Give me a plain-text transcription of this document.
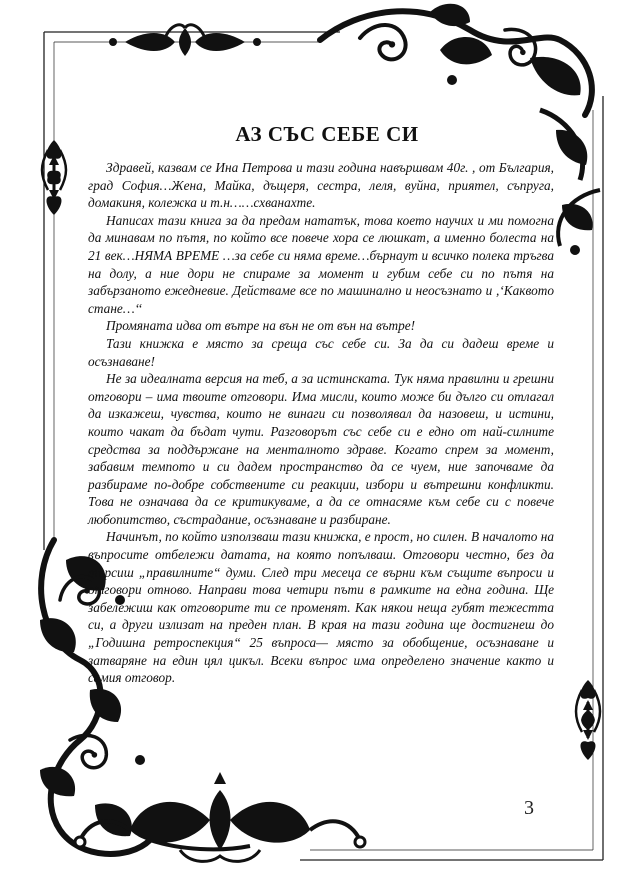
АЗ СЪС СЕБЕ СИ

Здравей, казвам се Ина Петрова и тази година навършвам 40г. , от България, град София…Жена, Майка, дъщеря, сестра, леля, вуйна, приятел, съпруга, домакиня, колежка и т.н……схванахте.

Написах тази книга за да предам нататък, това което научих и ми помогна да минавам по пътя, по който все повече хора се люшкат, а именно болеста на 21 век…НЯМА ВРЕМЕ …за себе си няма време…бърнаут и всичко полека тръгва на долу, а ние дори не спираме за момент и губим себе си по пътя на забързаното ежедневие. Действаме все по машинално и неосъзнато и ,‘Каквото стане…‘‘

Промяната идва от вътре на вън не от вън на вътре!

Тази книжка е място за среща със себе си. За да си дадеш време и осъзнаване!

Не за идеалната версия на теб, а за истинската. Тук няма правилни и грешни отговори – има твоите отговори. Има мисли, които може би дълго си отлагал да изкажеш, чувства, които не винаги си позволявал да назовеш, и истини, които чакат да бъдат чути. Разговорът със себе си е едно от най-силните средства за поддържане на менталното здраве. Когато спрем за момент, забавим темпото и си дадем пространство да се чуем, ние започваме да разбираме по-добре собствените си реакции, избори и вътрешни конфликти. Това не означава да се критикуваме, а да се отнасяме към себе си с повече любопитство, състрадание, осъзнаване и разбиране.

Начинът, по който използваш тази книжка, е прост, но силен. В началото на въпросите отбележи датата, на която попълваш. Отговори честно, без да търсиш „правилните“ думи. След три месеца се върни към същите въпроси и отговори отново. Направи това четири пъти в рамките на една година. Ще забележиш как отговорите ти се променят. Как някои неща губят тежестта си, а други излизат на преден план. В края на тази година ще достигнеш до „Годишна ретроспекция“ 25 въпроса— място за обобщение, осъзнаване и затваряне на един цял цикъл. Всеки въпрос има определено значение както и самия отговор.

3
